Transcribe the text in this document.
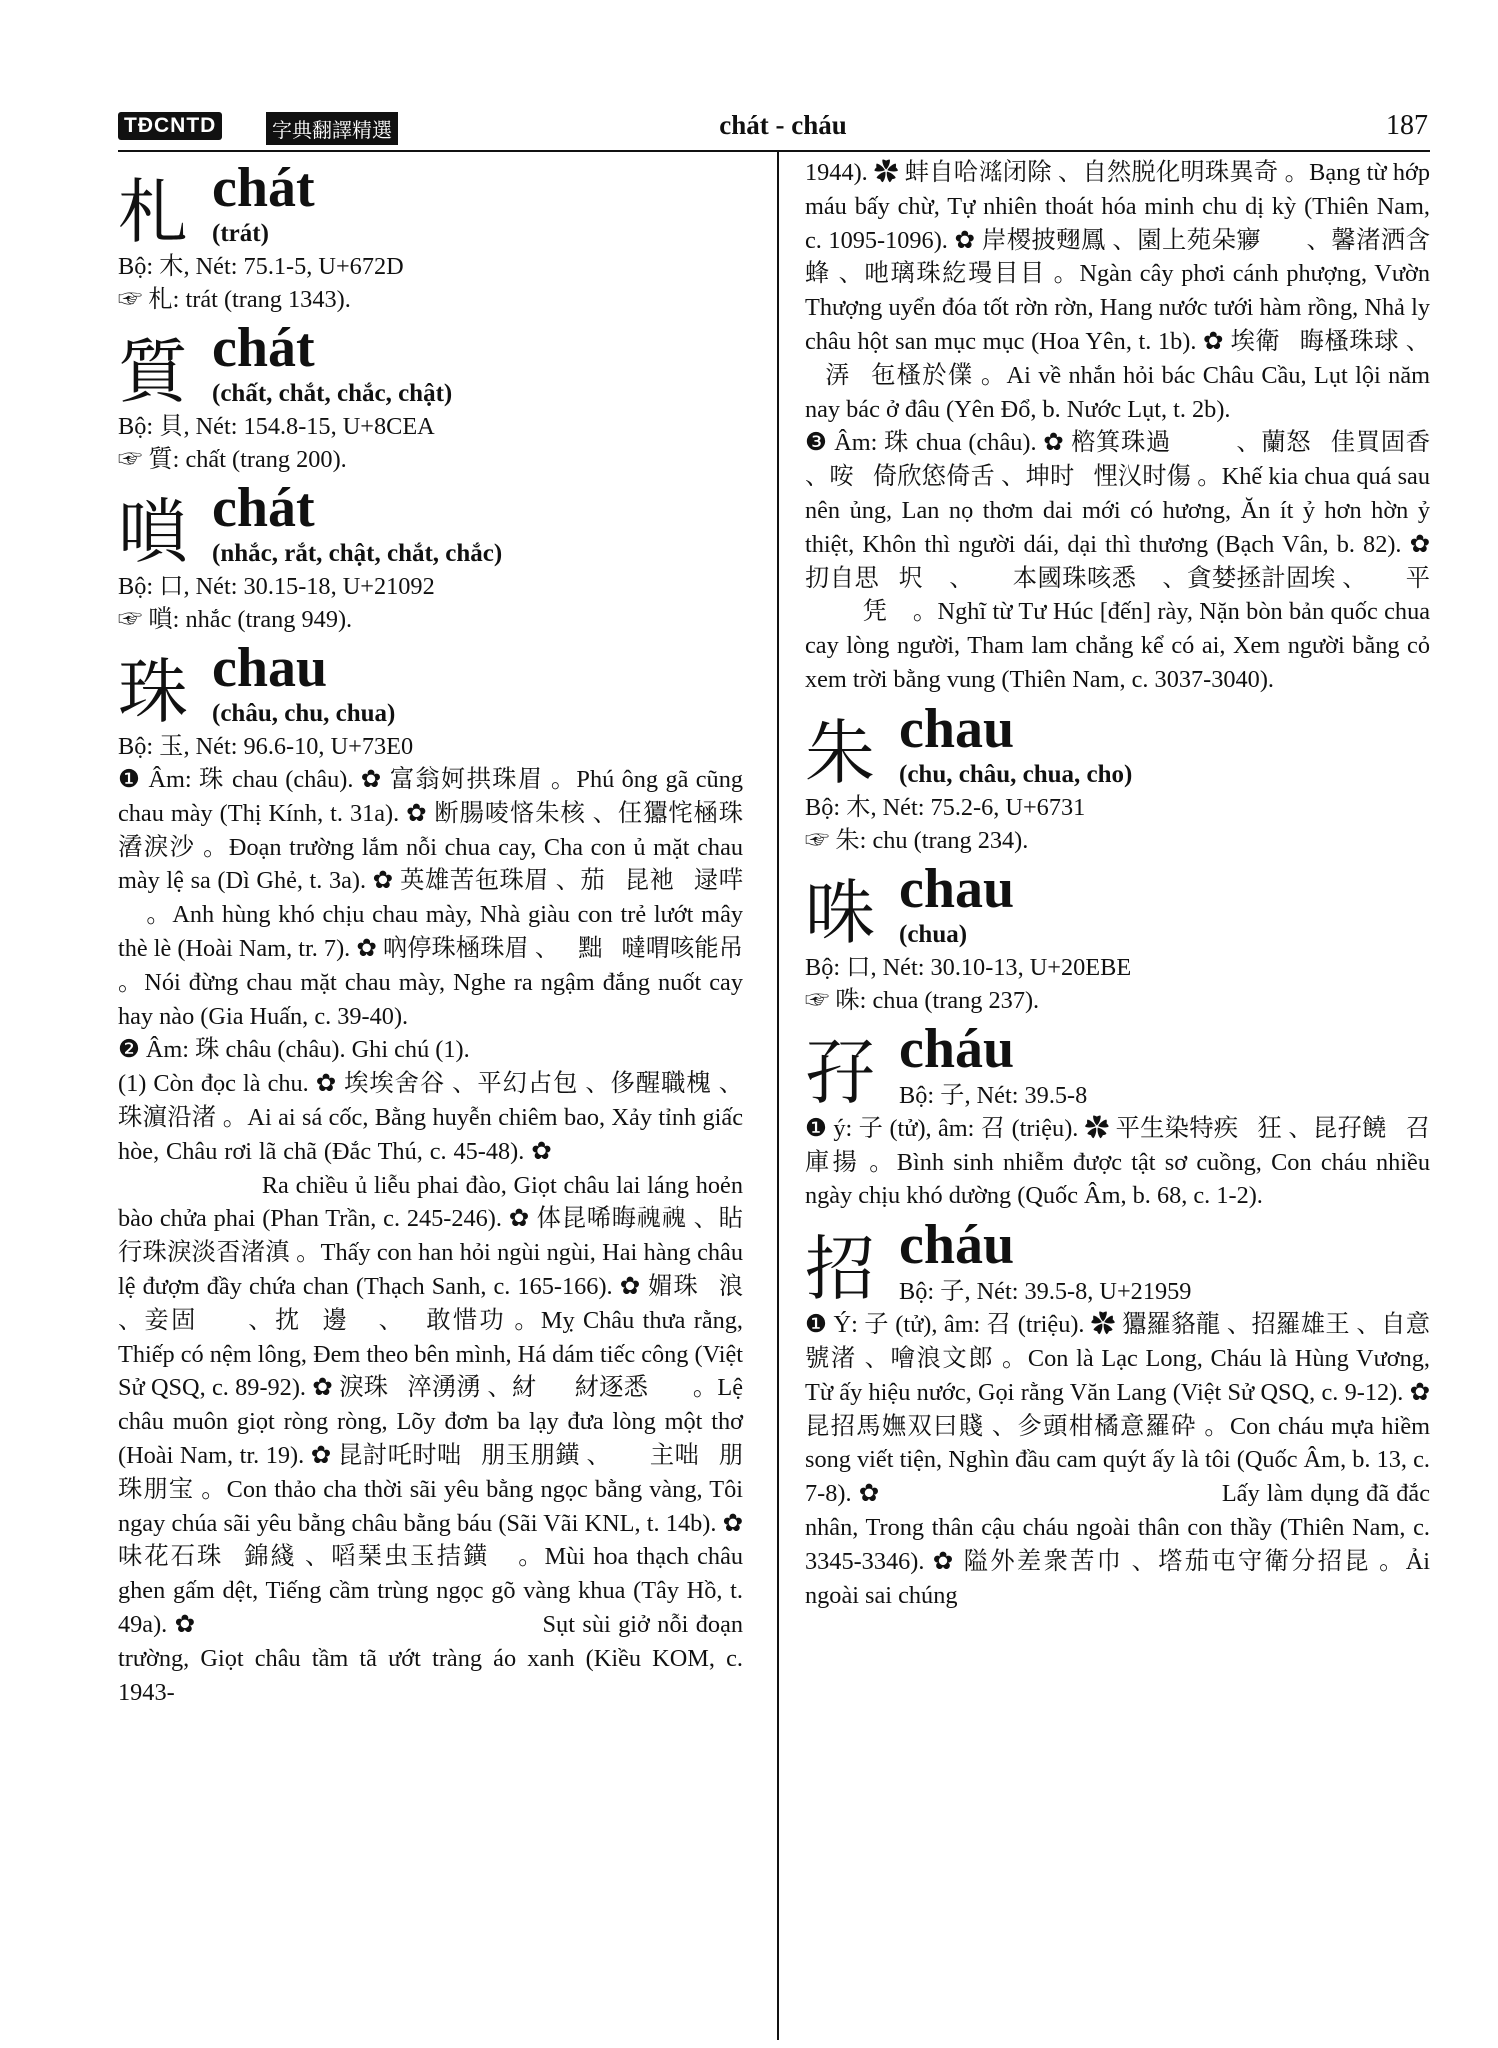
TĐCNTD	字典翻譯精選	chát - cháu	187
札 chát
(trát)
Bộ: 木, Nét: 75.1-5, U+672D
☞ 札: trát (trang 1343).
質 chát
(chất, chắt, chắc, chật)
Bộ: 貝, Nét: 154.8-15, U+8CEA
☞ 質: chất (trang 200).
嗩 chát
(nhắc, rắt, chật, chắt, chắc)
Bộ: 口, Nét: 30.15-18, U+21092
☞ 嗩: nhắc (trang 949).
珠 chau
(châu, chu, chua)
Bộ: 玉, Nét: 96.6-10, U+73E0

❶ Âm: 珠 chau (châu). ✿ 富翁妸拱珠眉 。Phú ông gã cũng chau mày (Thị Kính, t. 31a). ✿ 断腸㖫悋朱核 、仼㺧㤞㮀珠㵫淚沙 。Đoạn trường lắm nỗi chua cay, Cha con ủ mặt chau mày lệ sa (Dì Ghẻ, t. 3a). ✿ 英雄苦㐌珠眉 、茄𡗶昆衪𨅸逯哶𠿯 。Anh hùng khó chịu chau mày, Nhà giàu con trẻ lướt mây thè lè (Hoài Nam, tr. 7). ✿ 吶停珠㮀珠眉 、𨑗黜𠹾噠喟咳能吊 。Nói đừng chau mặt chau mày, Nghe ra ngậm đắng nuốt cay hay nào (Gia Huấn, c. 39-40).

❷ Âm: 珠 châu (châu). Ghi chú (1).

(1) Còn đọc là chu. ✿ 埃埃舍谷 、平幻占包 、侈醒職槐 、珠濵沿渚 。Ai ai sá cốc, Bằng huyễn chiêm bao, Xảy tỉnh giấc hòe, Châu rơi lã chã (Đắc Thú, c. 45-48). ✿ 𣋚朝塢柳派㶳 、溶珠來湍瘥袍楮派 。Ra chiều ủ liễu phai đào, Giọt châu lai láng hoẻn bào chửa phai (Phan Trần, c. 245-246). ✿ 体昆唏晦𩲡𩲡 、䀡行珠淚淡㫘渚滇 。Thấy con han hỏi ngùi ngùi, Hai hàng châu lệ đượm đầy chứa chan (Thạch Sanh, c. 165-166). ✿ 媚珠𠻀浪 、妾固𥚯𥫆 、抌𧿨邊𨉓 、𠰉敢惜功 。Mỵ Châu thưa rằng, Thiếp có nệm lông, Đem theo bên mình, Há dám tiếc công (Việt Sử QSQ, c. 89-92). ✿ 淚珠𨷯淬湧湧 、䊷𠃩𠀧䊷逐悉𠖤𨅸 。Lệ châu muôn giọt ròng ròng, Lõy đơm ba lạy đưa lòng một thơ (Hoài Nam, tr. 19). ✿ 昆討吒时咄𡗶朋玉朋鐄 、𥒥𨁪主咄𡗶朋珠朋宝 。Con thảo cha thời sãi yêu bằng ngọc bằng vàng, Tôi ngay chúa sãi yêu bằng châu bằng báu (Sãi Vãi KNL, t. 14b). ✿ 味花石珠𢜠錦綫 、㗖琹虫玉拮鐄𢹣 。Mùi hoa thạch châu ghen gấm dệt, Tiếng cầm trùng ngọc gõ vàng khua (Tây Hồ, t. 49a). ✿ 𡁛咮𢴑𩟡断腸 、溶珠滭潙𣿆𧛊襖撐 。Sụt sùi giở nỗi đoạn trường, Giọt châu tầm tã ướt tràng áo xanh (Kiều KOM, c. 1943-

1944). ✿ 蚌自哈𤁓闭除 、自然脱化明珠異奇 。Bạng từ hớp máu bấy chừ, Tự nhiên thoát hóa minh chu dị kỳ (Thiên Nam, c. 1095-1096). ✿ 岸㮨披𦑃鳳 、園上苑朵㝱𥳂𥳂 、馨渚洒含蜂 、吔璃珠紇㻴目目 。Ngàn cây phơi cánh phượng, Vườn Thượng uyển đóa tốt rờn rờn, Hang nước tưới hàm rồng, Nhả ly châu hột san mục mục (Hoa Yên, t. 1b). ✿ 埃衛𠸗晦㮻珠球 、𣳔㳥𢆥㐌㮻於㒒 。Ai về nhắn hỏi bác Châu Cầu, Lụt lội năm nay bác ở đâu (Yên Đổ, b. Nước Lụt, t. 2b).

❸ Âm: 珠 chua (châu). ✿ 㮞箕珠過𨫊𨫊𢹣 、蘭怒𠳨佳買固香 、咹𠃣倚欣㥋倚舌 、坤时𨉓悝㲼时傷 。Khế kia chua quá sau nên ủng, Lan nọ thơm dai mới có hương, Ăn ít ỷ hơn hờn ỷ thiệt, Khôn thì người dái, dại thì thương (Bạch Vân, b. 82). ✿ 㧅自思𢆥㘮𠕎 、𢹣𥉮本國珠咳悉𨉓 、貪婪拯計固埃 、𥘀𨉓平𩈘𥘀𡗶凭𡉦 。Nghĩ từ Tư Húc [đến] rày, Nặn bòn bản quốc chua cay lòng người, Tham lam chẳng kể có ai, Xem người bằng cỏ xem trời bằng vung (Thiên Nam, c. 3037-3040).

朱 chau
(chu, châu, chua, cho)
Bộ: 木, Nét: 75.2-6, U+6731
☞ 朱: chu (trang 234).
咮 chau
(chua)
Bộ: 口, Nét: 30.10-13, U+20EBE
☞ 咮: chua (trang 237).
孖 cháu
Bộ: 子, Nét: 39.5-8

❶ ý: 子 (tử), âm: 召 (triệu). ✿ 平生染特疾𤶾狂 、昆孖饒𣈜召庫揚 。Bình sinh nhiễm được tật sơ cuồng, Con cháu nhiều ngày chịu khó dường (Quốc Âm, b. 68, c. 1-2).

招 cháu
Bộ: 子, Nét: 39.5-8, U+21959

❶ Ý: 子 (tử), âm: 召 (triệu). ✿ 㺧羅貉龍 、招羅雄王 、自意號渚 、噲浪文郎 。Con là Lạc Long, Cháu là Hùng Vương, Từ ấy hiệu nước, Gọi rằng Văn Lang (Việt Sử QSQ, c. 9-12). ✿ 昆招馬嫵双曰賤 、㐱頭柑橘意羅砕 。Con cháu mựa hiềm song viết tiện, Nghìn đầu cam quýt ấy là tôi (Quốc Âm, b. 13, c. 7-8). ✿ 𥚄𠂤湧𢀨得人 、冲親旧招外親昆柴 。Lấy làm dụng đã đắc nhân, Trong thân cậu cháu ngoài thân con thầy (Thiên Nam, c. 3345-3346). ✿ 隘外差衆苦巾 、㙮茄屯守衛分招昆 。Ải ngoài sai chúng
